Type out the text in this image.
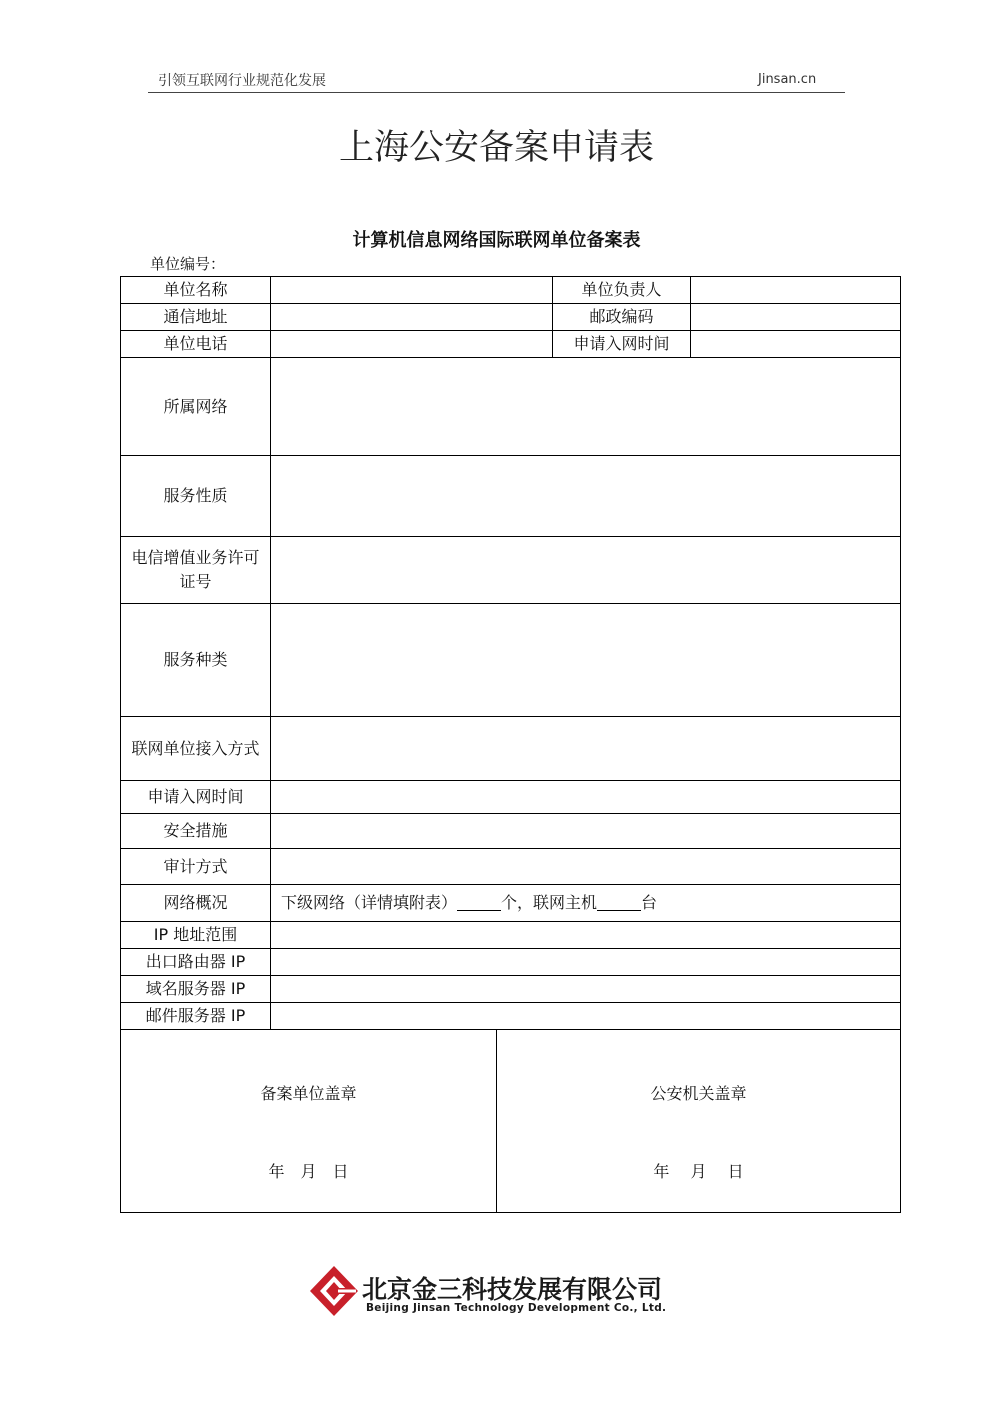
引领互联网行业规范化发展	Jinsan.cn
上海公安备案申请表
计算机信息网络国际联网单位备案表
单位编号：
单位名称	单位负责人
通信地址	邮政编码
单位电话	申请入网时间
所属网络
服务性质
电信增值业务许可证号
服务种类
联网单位接入方式
申请入网时间
安全措施
审计方式
网络概况	下级网络（详情填附表）	个，联网主机	台
IP 地址范围
出口路由器 IP
域名服务器 IP
邮件服务器 IP
备案单位盖章
年　月　日
公安机关盖章
年　 月　 日
北京金三科技发展有限公司
Beijing Jinsan Technology Development Co., Ltd.
